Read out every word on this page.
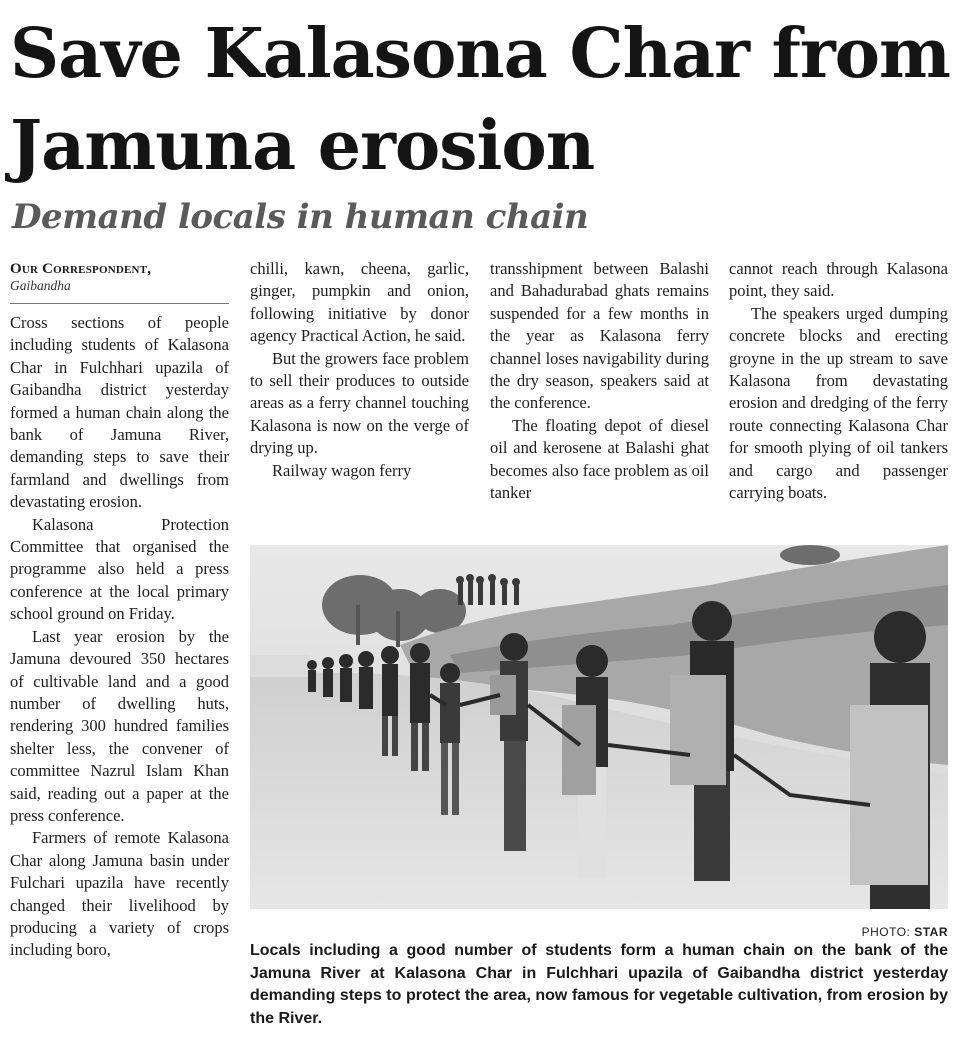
Save Kalasona Char from Jamuna erosion
Demand locals in human chain
Our Correspondent,
Gaibandha

Cross sections of people including students of Kalasona Char in Fulchhari upazila of Gaibandha district yesterday formed a human chain along the bank of Jamuna River, demanding steps to save their farmland and dwellings from devastating erosion.

Kalasona Protection Committee that organised the programme also held a press conference at the local primary school ground on Friday.

Last year erosion by the Jamuna devoured 350 hectares of cultivable land and a good number of dwelling huts, rendering 300 hundred families shelter less, the convener of committee Nazrul Islam Khan said, reading out a paper at the press conference.

Farmers of remote Kalasona Char along Jamuna basin under Fulchari upazila have recently changed their livelihood by producing a variety of crops including boro,

chilli, kawn, cheena, garlic, ginger, pumpkin and onion, following initiative by donor agency Practical Action, he said.

But the growers face problem to sell their produces to outside areas as a ferry channel touching Kalasona is now on the verge of drying up.

Railway wagon ferry

transshipment between Balashi and Bahadurabad ghats remains suspended for a few months in the year as Kalasona ferry channel loses navigability during the dry season, speakers said at the conference.

The floating depot of diesel oil and kerosene at Balashi ghat becomes also face problem as oil tanker

cannot reach through Kalasona point, they said.

The speakers urged dumping concrete blocks and erecting groyne in the up stream to save Kalasona from devastating erosion and dredging of the ferry route connecting Kalasona Char for smooth plying of oil tankers and cargo and passenger carrying boats.

PHOTO: STAR

Locals including a good number of students form a human chain on the bank of the Jamuna River at Kalasona Char in Fulchhari upazila of Gaibandha district yesterday demanding steps to protect the area, now famous for vegetable cultivation, from erosion by the River.
